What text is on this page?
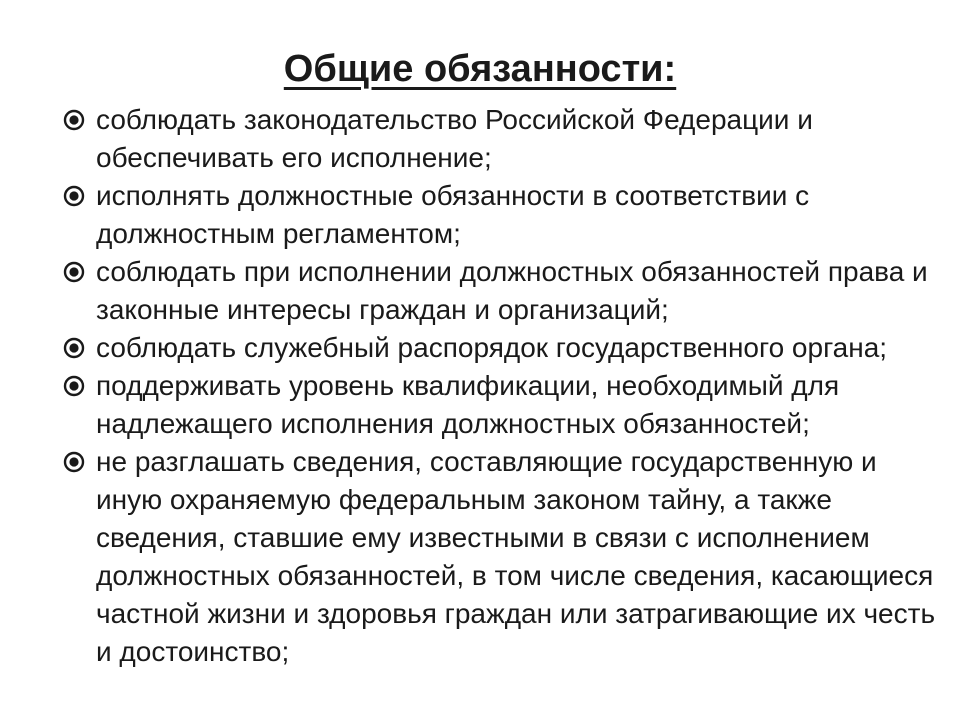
Общие обязанности:
соблюдать законодательство Российской Федерации и обеспечивать его исполнение;
исполнять должностные обязанности в соответствии с должностным регламентом;
соблюдать при исполнении должностных обязанностей права и законные интересы граждан и организаций;
соблюдать служебный распорядок государственного органа;
поддерживать уровень квалификации, необходимый для надлежащего исполнения должностных обязанностей;
не разглашать сведения, составляющие государственную и иную охраняемую федеральным законом тайну, а также сведения, ставшие ему известными в связи с исполнением должностных обязанностей, в том числе сведения, касающиеся частной жизни и здоровья граждан или затрагивающие их честь и достоинство;
